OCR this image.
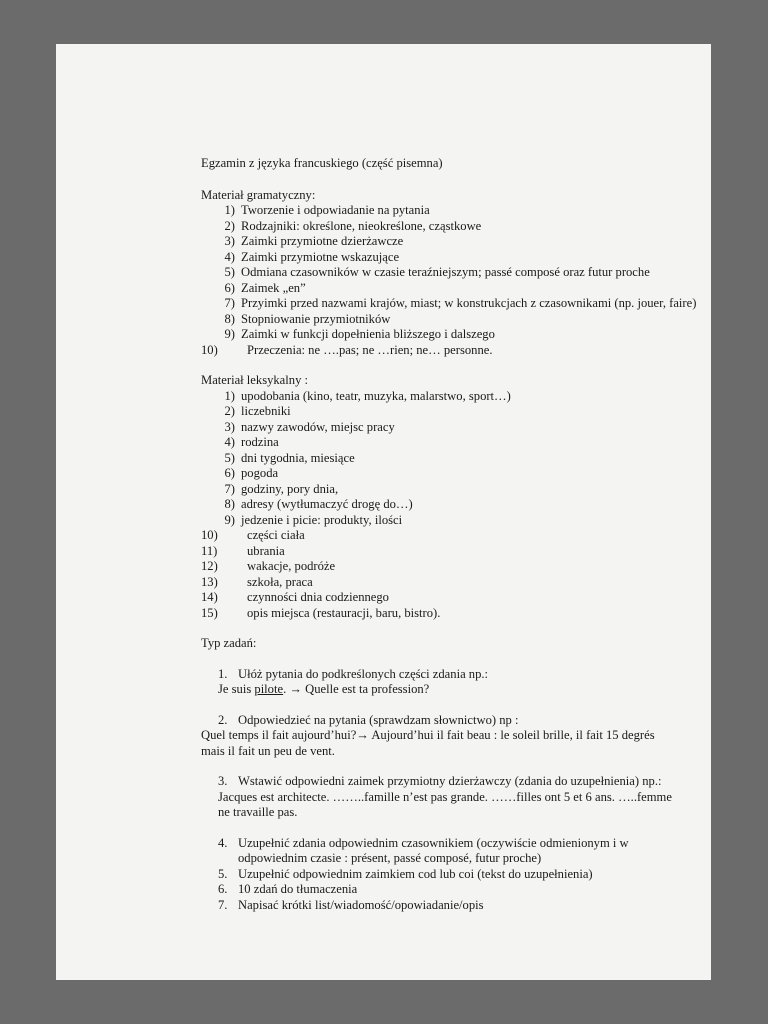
Egzamin z języka francuskiego (część pisemna)
Materiał gramatyczny:
1) Tworzenie i odpowiadanie na pytania
2) Rodzajniki: określone, nieokreślone, cząstkowe
3) Zaimki przymiotne dzierżawcze
4) Zaimki przymiotne wskazujące
5) Odmiana czasowników w czasie teraźniejszym; passé composé oraz futur proche
6) Zaimek „en”
7) Przyimki przed nazwami krajów, miast; w konstrukcjach z czasownikami (np. jouer, faire)
8) Stopniowanie przymiotników
9) Zaimki w funkcji dopełnienia bliższego i dalszego
10)	Przeczenia: ne ….pas; ne …rien; ne… personne.
Materiał leksykalny :
1) upodobania (kino, teatr, muzyka, malarstwo, sport…)
2) liczebniki
3) nazwy zawodów, miejsc pracy
4) rodzina
5) dni tygodnia, miesiące
6) pogoda
7) godziny, pory dnia,
8) adresy (wytłumaczyć drogę do…)
9) jedzenie i picie: produkty, ilości
10)	części ciała
11)	ubrania
12)	wakacje, podróże
13)	szkoła, praca
14)	czynności dnia codziennego
15)	opis miejsca (restauracji, baru, bistro).
Typ zadań:
1. Ułóż pytania do podkreślonych części zdania np.:
Je suis pilote. → Quelle est ta profession?
2. Odpowiedzieć na pytania (sprawdzam słownictwo) np :
Quel temps il fait aujourd’hui?→ Aujourd’hui il fait beau : le soleil brille, il fait 15 degrés
mais il fait un peu de vent.
3. Wstawić odpowiedni zaimek przymiotny dzierżawczy (zdania do uzupełnienia) np.:
Jacques est architecte. ……..famille n’est pas grande. ……filles ont 5 et 6 ans. …..femme
ne travaille pas.
4. Uzupełnić zdania odpowiednim czasownikiem (oczywiście odmienionym i w odpowiednim czasie : présent, passé composé, futur proche)
5. Uzupełnić odpowiednim zaimkiem cod lub coi (tekst do uzupełnienia)
6. 10 zdań do tłumaczenia
7. Napisać krótki list/wiadomość/opowiadanie/opis
